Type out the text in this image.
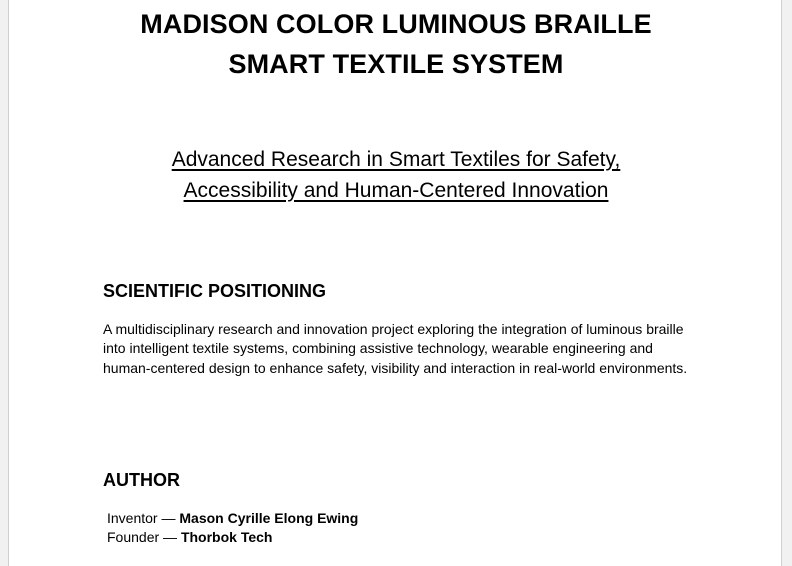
MADISON COLOR LUMINOUS BRAILLE
SMART TEXTILE SYSTEM
Advanced Research in Smart Textiles for Safety,
Accessibility and Human-Centered Innovation
SCIENTIFIC POSITIONING

A multidisciplinary research and innovation project exploring the integration of luminous braille into intelligent textile systems, combining assistive technology, wearable engineering and human-centered design to enhance safety, visibility and interaction in real-world environments.

AUTHOR
Inventor — Mason Cyrille Elong Ewing
Founder — Thorbok Tech
